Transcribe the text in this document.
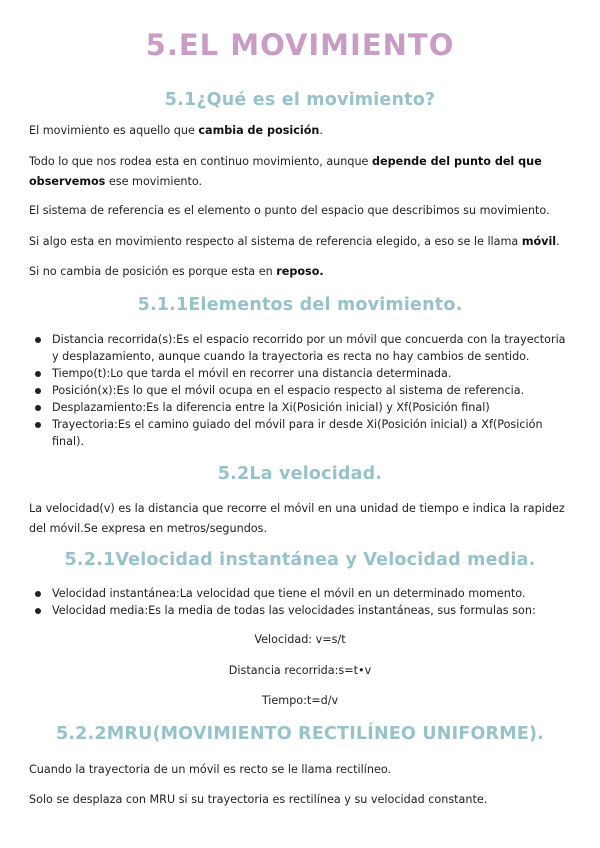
5.EL MOVIMIENTO
5.1¿Qué es el movimiento?
El movimiento es aquello que cambia de posición.
Todo lo que nos rodea esta en continuo movimiento, aunque depende del punto del que observemos ese movimiento.
El sistema de referencia es el elemento o punto del espacio que describimos su movimiento.
Si algo esta en movimiento respecto al sistema de referencia elegido, a eso se le llama móvil.
Si no cambia de posición es porque esta en reposo.
5.1.1Elementos del movimiento.
Distancia recorrida(s):Es el espacio recorrido por un móvil que concuerda con la trayectoria y desplazamiento, aunque cuando la trayectoria es recta no hay cambios de sentido.
Tiempo(t):Lo que tarda el móvil en recorrer una distancia determinada.
Posición(x):Es lo que el móvil ocupa en el espacio respecto al sistema de referencia.
Desplazamiento:Es la diferencia entre la Xi(Posición inicial) y Xf(Posición final)
Trayectoria:Es el camino guiado del móvil para ir desde Xi(Posición inicial) a Xf(Posición final).
5.2La velocidad.
La velocidad(v) es la distancia que recorre el móvil en una unidad de tiempo e indica la rapidez del móvil.Se expresa en metros/segundos.
5.2.1Velocidad instantánea y Velocidad media.
Velocidad instantánea:La velocidad que tiene el móvil en un determinado momento.
Velocidad media:Es la media de todas las velocidades instantáneas, sus formulas son:
Velocidad: v=s/t
Distancia recorrida:s=t•v
Tiempo:t=d/v
5.2.2MRU(MOVIMIENTO RECTILÍNEO UNIFORME).
Cuando la trayectoria de un móvil es recto se le llama rectilíneo.
Solo se desplaza con MRU si su trayectoria es rectilínea y su velocidad constante.
